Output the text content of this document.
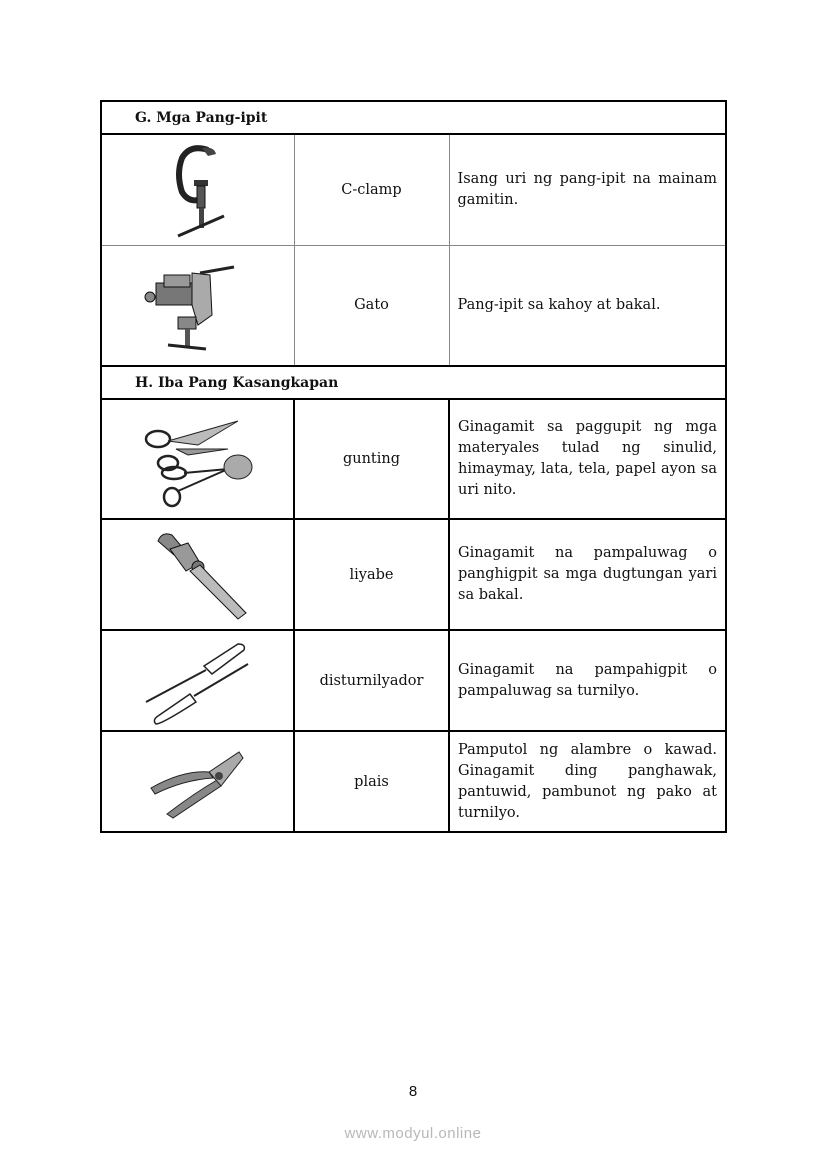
G. Mga Pang-ipit		

	C-clamp	Isang uri ng pang-ipit na mainam gamitin.

	Gato	Pang-ipit sa kahoy at bakal.
H. Iba Pang Kasangkapan		

	gunting	Ginagamit sa paggupit ng mga materyales tulad ng sinulid, himaymay, lata, tela, papel ayon sa uri nito.

	liyabe	Ginagamit na pampaluwag o panghigpit sa mga dugtungan yari sa bakal.

	disturnilyador	Ginagamit na pampahigpit o pampaluwag sa turnilyo.

	plais	Pamputol ng alambre o kawad. Ginagamit ding panghawak, pantuwid, pambunot ng pako at turnilyo.
8
www.modyul.online
